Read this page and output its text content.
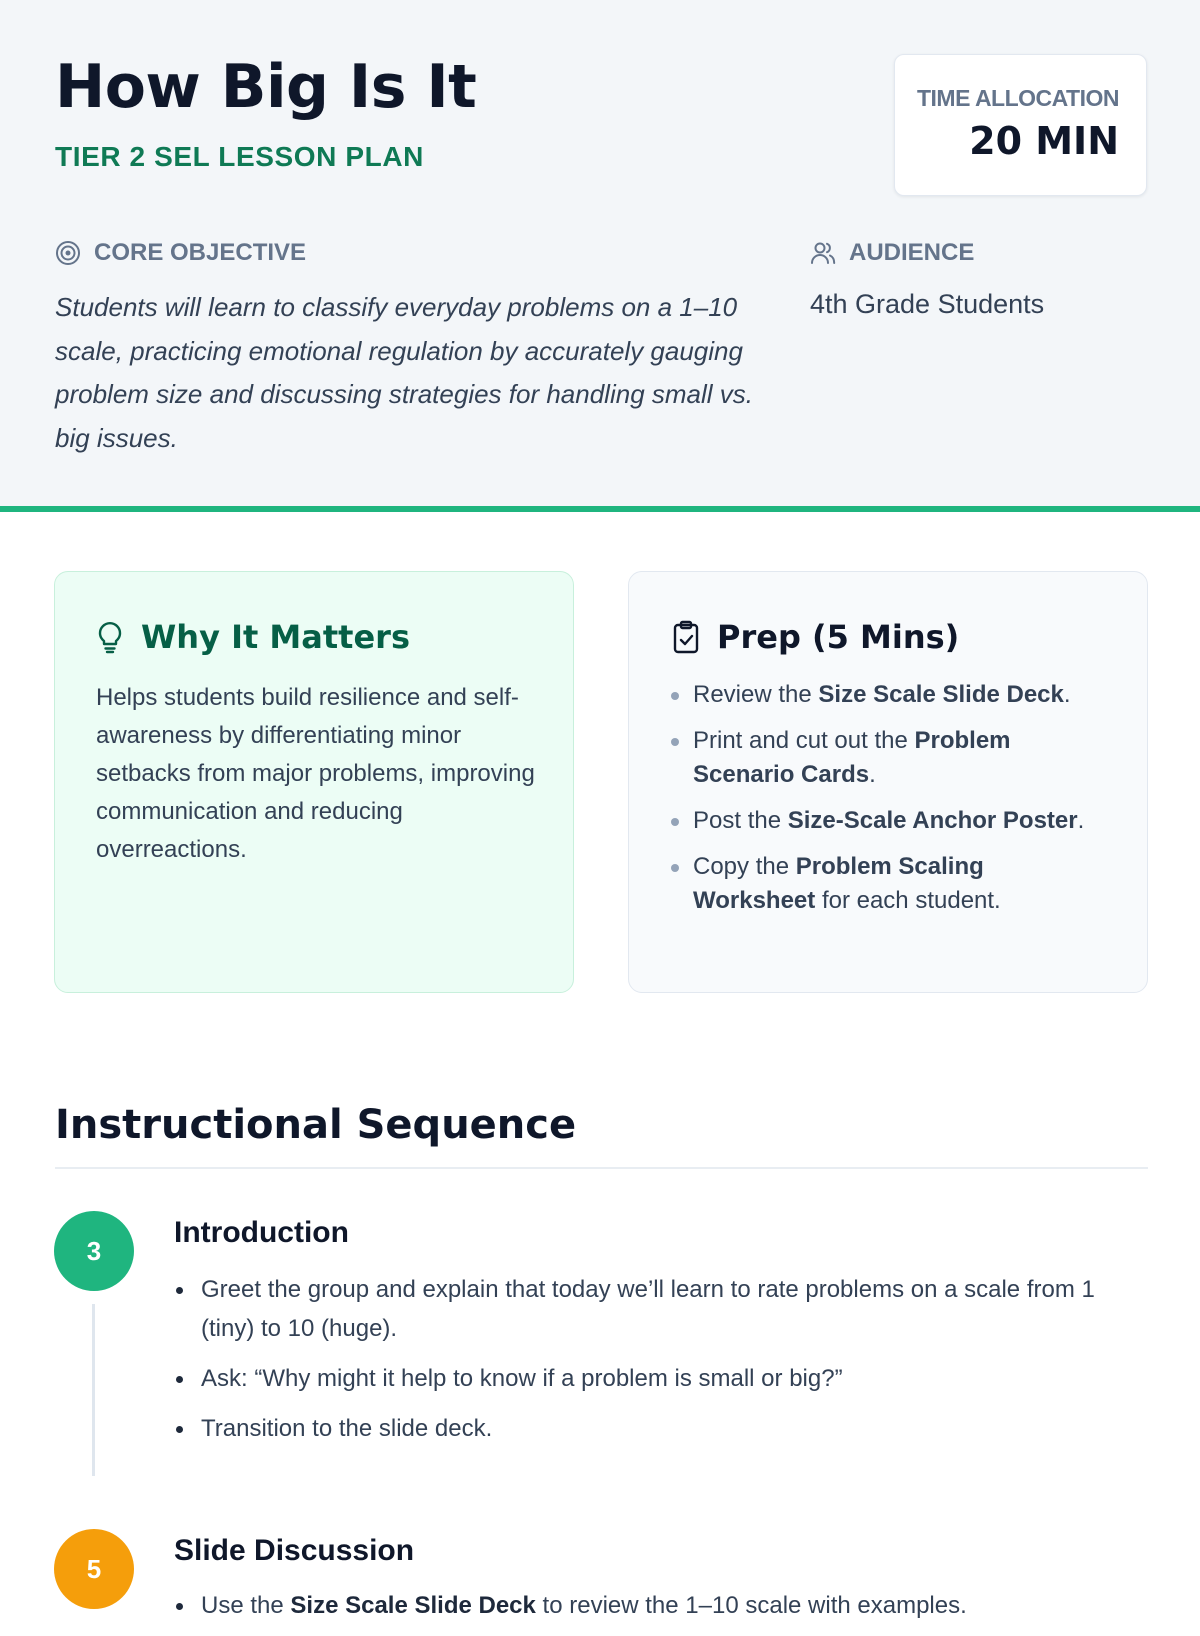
How Big Is It
TIER 2 SEL LESSON PLAN
TIME ALLOCATION
20 MIN
CORE OBJECTIVE

Students will learn to classify everyday problems on a 1–10 scale, practicing emotional regulation by accurately gauging problem size and discussing strategies for handling small vs. big issues.

AUDIENCE
4th Grade Students
Why It Matters

Helps students build resilience and self-awareness by differentiating minor setbacks from major problems, improving communication and reducing overreactions.

Prep (5 Mins)
Review the Size Scale Slide Deck.
Print and cut out the Problem Scenario Cards.
Post the Size-Scale Anchor Poster.
Copy the Problem Scaling Worksheet for each student.
Instructional Sequence
3
Introduction
Greet the group and explain that today we’ll learn to rate problems on a scale from 1 (tiny) to 10 (huge).
Ask: “Why might it help to know if a problem is small or big?”
Transition to the slide deck.
5
Slide Discussion
Use the Size Scale Slide Deck to review the 1–10 scale with examples.
